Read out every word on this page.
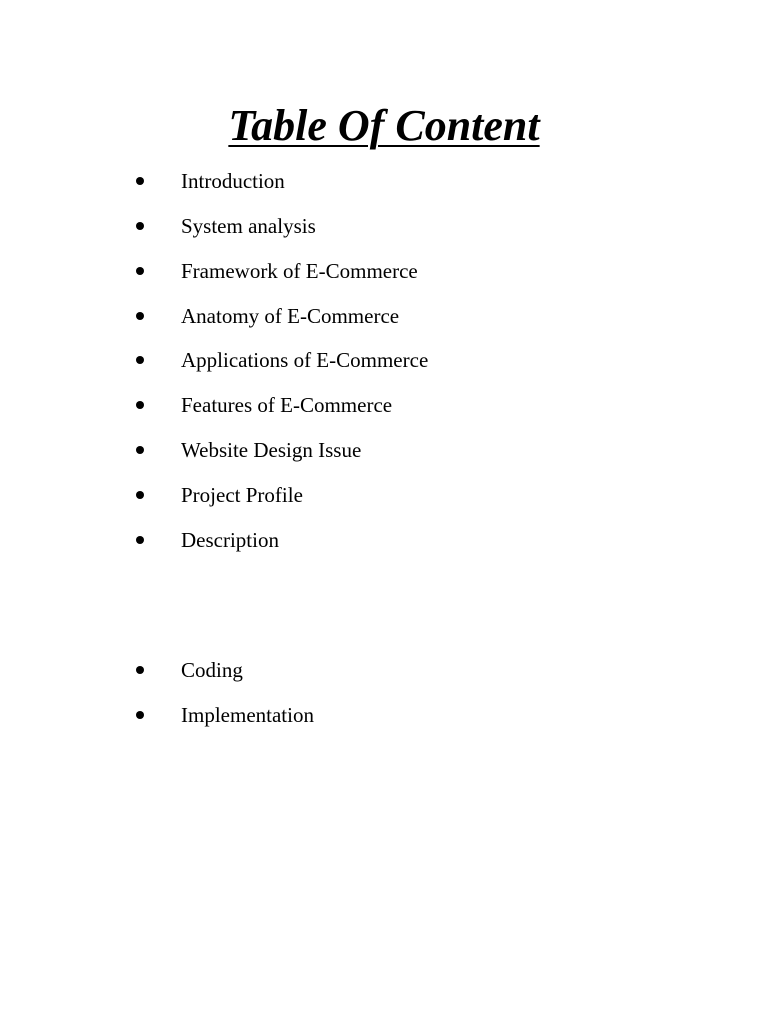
Table Of Content
Introduction
System analysis
Framework of E-Commerce
Anatomy of E-Commerce
Applications of E-Commerce
Features of E-Commerce
Website Design Issue
Project Profile
Description
Coding
Implementation
